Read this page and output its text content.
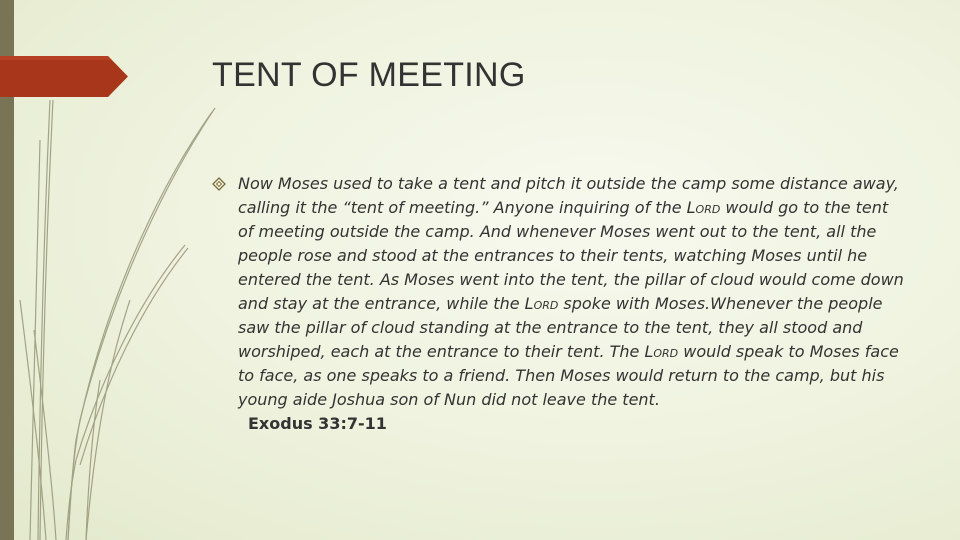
TENT OF MEETING

Now Moses used to take a tent and pitch it outside the camp some distance away, calling it the “tent of meeting.” Anyone inquiring of the Lord would go to the tent of meeting outside the camp. And whenever Moses went out to the tent, all the people rose and stood at the entrances to their tents, watching Moses until he entered the tent. As Moses went into the tent, the pillar of cloud would come down and stay at the entrance, while the Lord spoke with Moses.Whenever the people saw the pillar of cloud standing at the entrance to the tent, they all stood and worshiped, each at the entrance to their tent. The Lord would speak to Moses face to face, as one speaks to a friend. Then Moses would return to the camp, but his young aide Joshua son of Nun did not leave the tent.

Exodus 33:7-11
